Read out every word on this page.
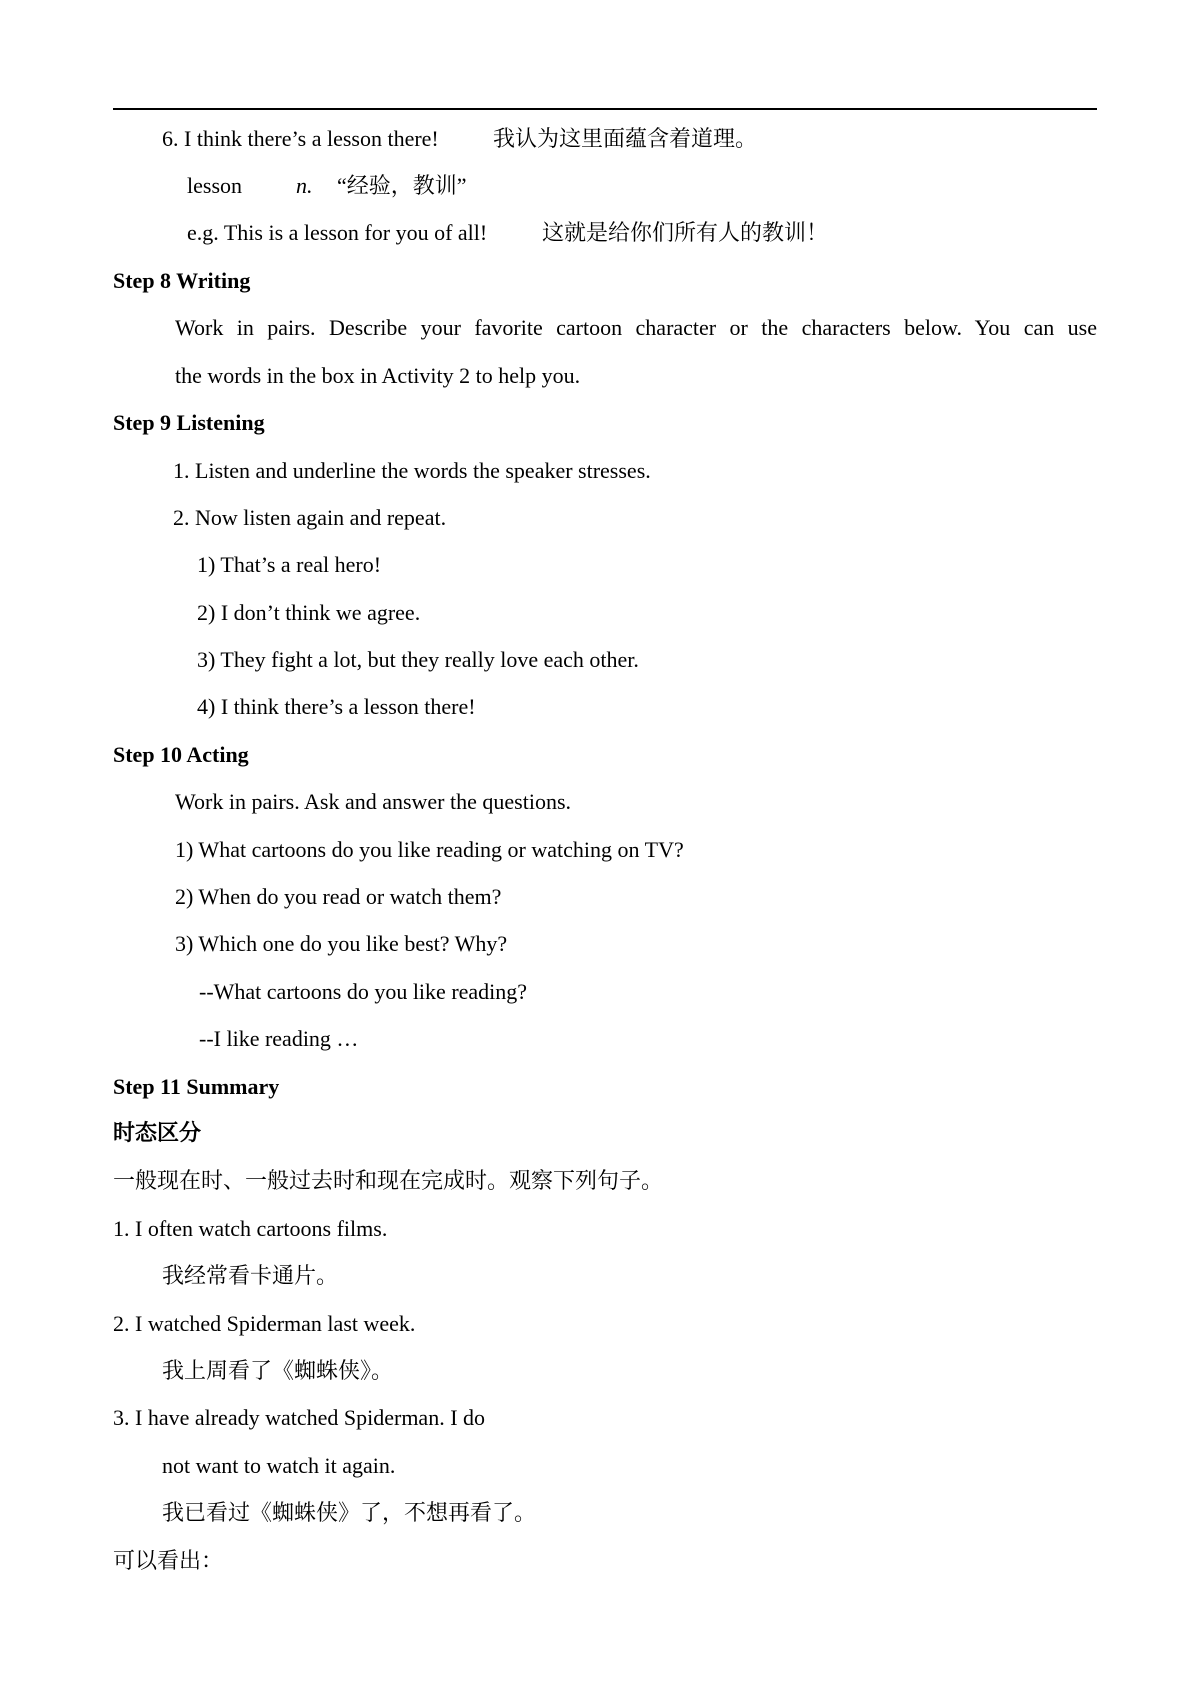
6. I think there’s a lesson there! 我认为这里面蕴含着道理。
lesson n. “经验，教训”
e.g. This is a lesson for you of all! 这就是给你们所有人的教训！
Step 8 Writing
Work in pairs. Describe your favorite cartoon character or the characters below. You can use
the words in the box in Activity 2 to help you.
Step 9 Listening
1. Listen and underline the words the speaker stresses.
2. Now listen again and repeat.
1) That’s a real hero!
2) I don’t think we agree.
3) They fight a lot, but they really love each other.
4) I think there’s a lesson there!
Step 10 Acting
Work in pairs. Ask and answer the questions.
1) What cartoons do you like reading or watching on TV?
2) When do you read or watch them?
3) Which one do you like best? Why?
--What cartoons do you like reading?
--I like reading …
Step 11 Summary
时态区分
一般现在时、一般过去时和现在完成时。观察下列句子。
1. I often watch cartoons films.
我经常看卡通片。
2. I watched Spiderman last week.
我上周看了《蜘蛛侠》。
3. I have already watched Spiderman. I do
not want to watch it again.
我已看过《蜘蛛侠》了，不想再看了。
可以看出：
